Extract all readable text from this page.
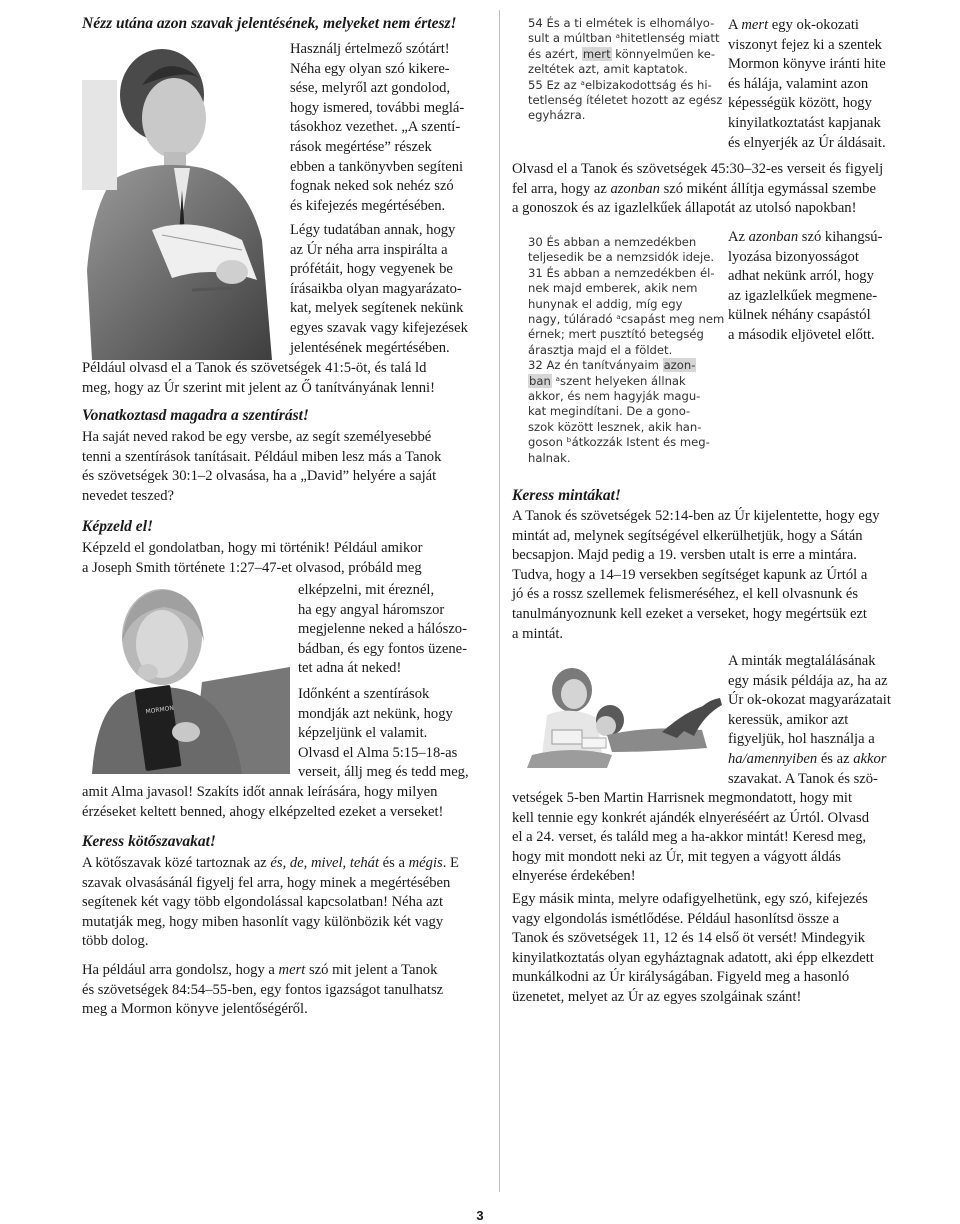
Nézz utána azon szavak jelentésének, melyeket nem értesz!

Használj értelmező szótárt!

Néha egy olyan szó kikere-

sése, melyről azt gondolod,

hogy ismered, további meglá-

tásokhoz vezethet. „A szentí-

rások megértése” részek

ebben a tankönyvben segíteni

fognak neked sok nehéz szó

és kifejezés megértésében.

Légy tudatában annak, hogy

az Úr néha arra inspirálta a

prófétáit, hogy vegyenek be

írásaikba olyan magyarázato-

kat, melyek segítenek nekünk

egyes szavak vagy kifejezések

jelentésének megértésében.

Például olvasd el a Tanok és szövetségek 41:5-öt, és talá ld

meg, hogy az Úr szerint mit jelent az Ő tanítványának lenni!

Vonatkoztasd magadra a szentírást!

Ha saját neved rakod be egy versbe, az segít személyesebbé

tenni a szentírások tanításait. Például miben lesz más a Tanok

és szövetségek 30:1–2 olvasása, ha a „David” helyére a saját

nevedet teszed?

Képzeld el!

Képzeld el gondolatban, hogy mi történik! Például amikor

a Joseph Smith története 1:27–47-et olvasod, próbáld meg

MORMON

elképzelni, mit éreznél,

ha egy angyal háromszor

megjelenne neked a hálószo-

bádban, és egy fontos üzene-

tet adna át neked!

Időnként a szentírások

mondják azt nekünk, hogy

képzeljünk el valamit.

Olvasd el Alma 5:15–18-as

verseit, állj meg és tedd meg,

amit Alma javasol! Szakíts időt annak leírására, hogy milyen

érzéseket keltett benned, ahogy elképzelted ezeket a verseket!

Keress kötőszavakat!

A kötőszavak közé tartoznak az és, de, mivel, tehát és a mégis. E

szavak olvasásánál figyelj fel arra, hogy minek a megértésében

segítenek két vagy több elgondolással kapcsolatban! Néha azt

mutatják meg, hogy miben hasonlít vagy különbözik két vagy

több dolog.

Ha például arra gondolsz, hogy a mert szó mit jelent a Tanok

és szövetségek 84:54–55-ben, egy fontos igazságot tanulhatsz

meg a Mormon könyve jelentőségéről.

54 És a ti elmétek is elhomályo-

sult a múltban ᵃhitetlenség miatt

és azért, mert könnyelműen ke-

zeltétek azt, amit kaptatok.

55 Ez az ᵃelbizakodottság és hi-

tetlenség ítéletet hozott az egész

egyházra.

A mert egy ok-okozati

viszonyt fejez ki a szentek

Mormon könyve iránti hite

és hálája, valamint azon

képességük között, hogy

kinyilatkoztatást kapjanak

és elnyerjék az Úr áldásait.

Olvasd el a Tanok és szövetségek 45:30–32-es verseit és figyelj

fel arra, hogy az azonban szó miként állítja egymással szembe

a gonoszok és az igazlelkűek állapotát az utolsó napokban!

30 És abban a nemzedékben

teljesedik be a nemzsidók ideje.

31 És abban a nemzedékben él-

nek majd emberek, akik nem

hunynak el addig, míg egy

nagy, túláradó ᵃcsapást meg nem

érnek; mert pusztító betegség

árasztja majd el a földet.

32 Az én tanítványaim azon-

ban ᵃszent helyeken állnak

akkor, és nem hagyják magu-

kat megindítani. De a gono-

szok között lesznek, akik han-

goson ᵇátkozzák Istent és meg-

halnak.

Az azonban szó kihangsú-

lyozása bizonyosságot

adhat nekünk arról, hogy

az igazlelkűek megmene-

külnek néhány csapástól

a második eljövetel előtt.

Keress mintákat!

A Tanok és szövetségek 52:14-ben az Úr kijelentette, hogy egy

mintát ad, melynek segítségével elkerülhetjük, hogy a Sátán

becsapjon. Majd pedig a 19. versben utalt is erre a mintára.

Tudva, hogy a 14–19 versekben segítséget kapunk az Úrtól a

jó és a rossz szellemek felismeréséhez, el kell olvasnunk és

tanulmányoznunk kell ezeket a verseket, hogy megértsük ezt

a mintát.

A minták megtalálásának

egy másik példája az, ha az

Úr ok-okozat magyarázatait

keressük, amikor azt

figyeljük, hol használja a

ha/amennyiben és az akkor

szavakat. A Tanok és szö-

vetségek 5-ben Martin Harrisnek megmondatott, hogy mit

kell tennie egy konkrét ajándék elnyeréséért az Úrtól. Olvasd

el a 24. verset, és találd meg a ha-akkor mintát! Keresd meg,

hogy mit mondott neki az Úr, mit tegyen a vágyott áldás

elnyerése érdekében!

Egy másik minta, melyre odafigyelhetünk, egy szó, kifejezés

vagy elgondolás ismétlődése. Például hasonlítsd össze a

Tanok és szövetségek 11, 12 és 14 első öt versét! Mindegyik

kinyilatkoztatás olyan egyháztagnak adatott, aki épp elkezdett

munkálkodni az Úr királyságában. Figyeld meg a hasonló

üzenetet, melyet az Úr az egyes szolgáinak szánt!

3
